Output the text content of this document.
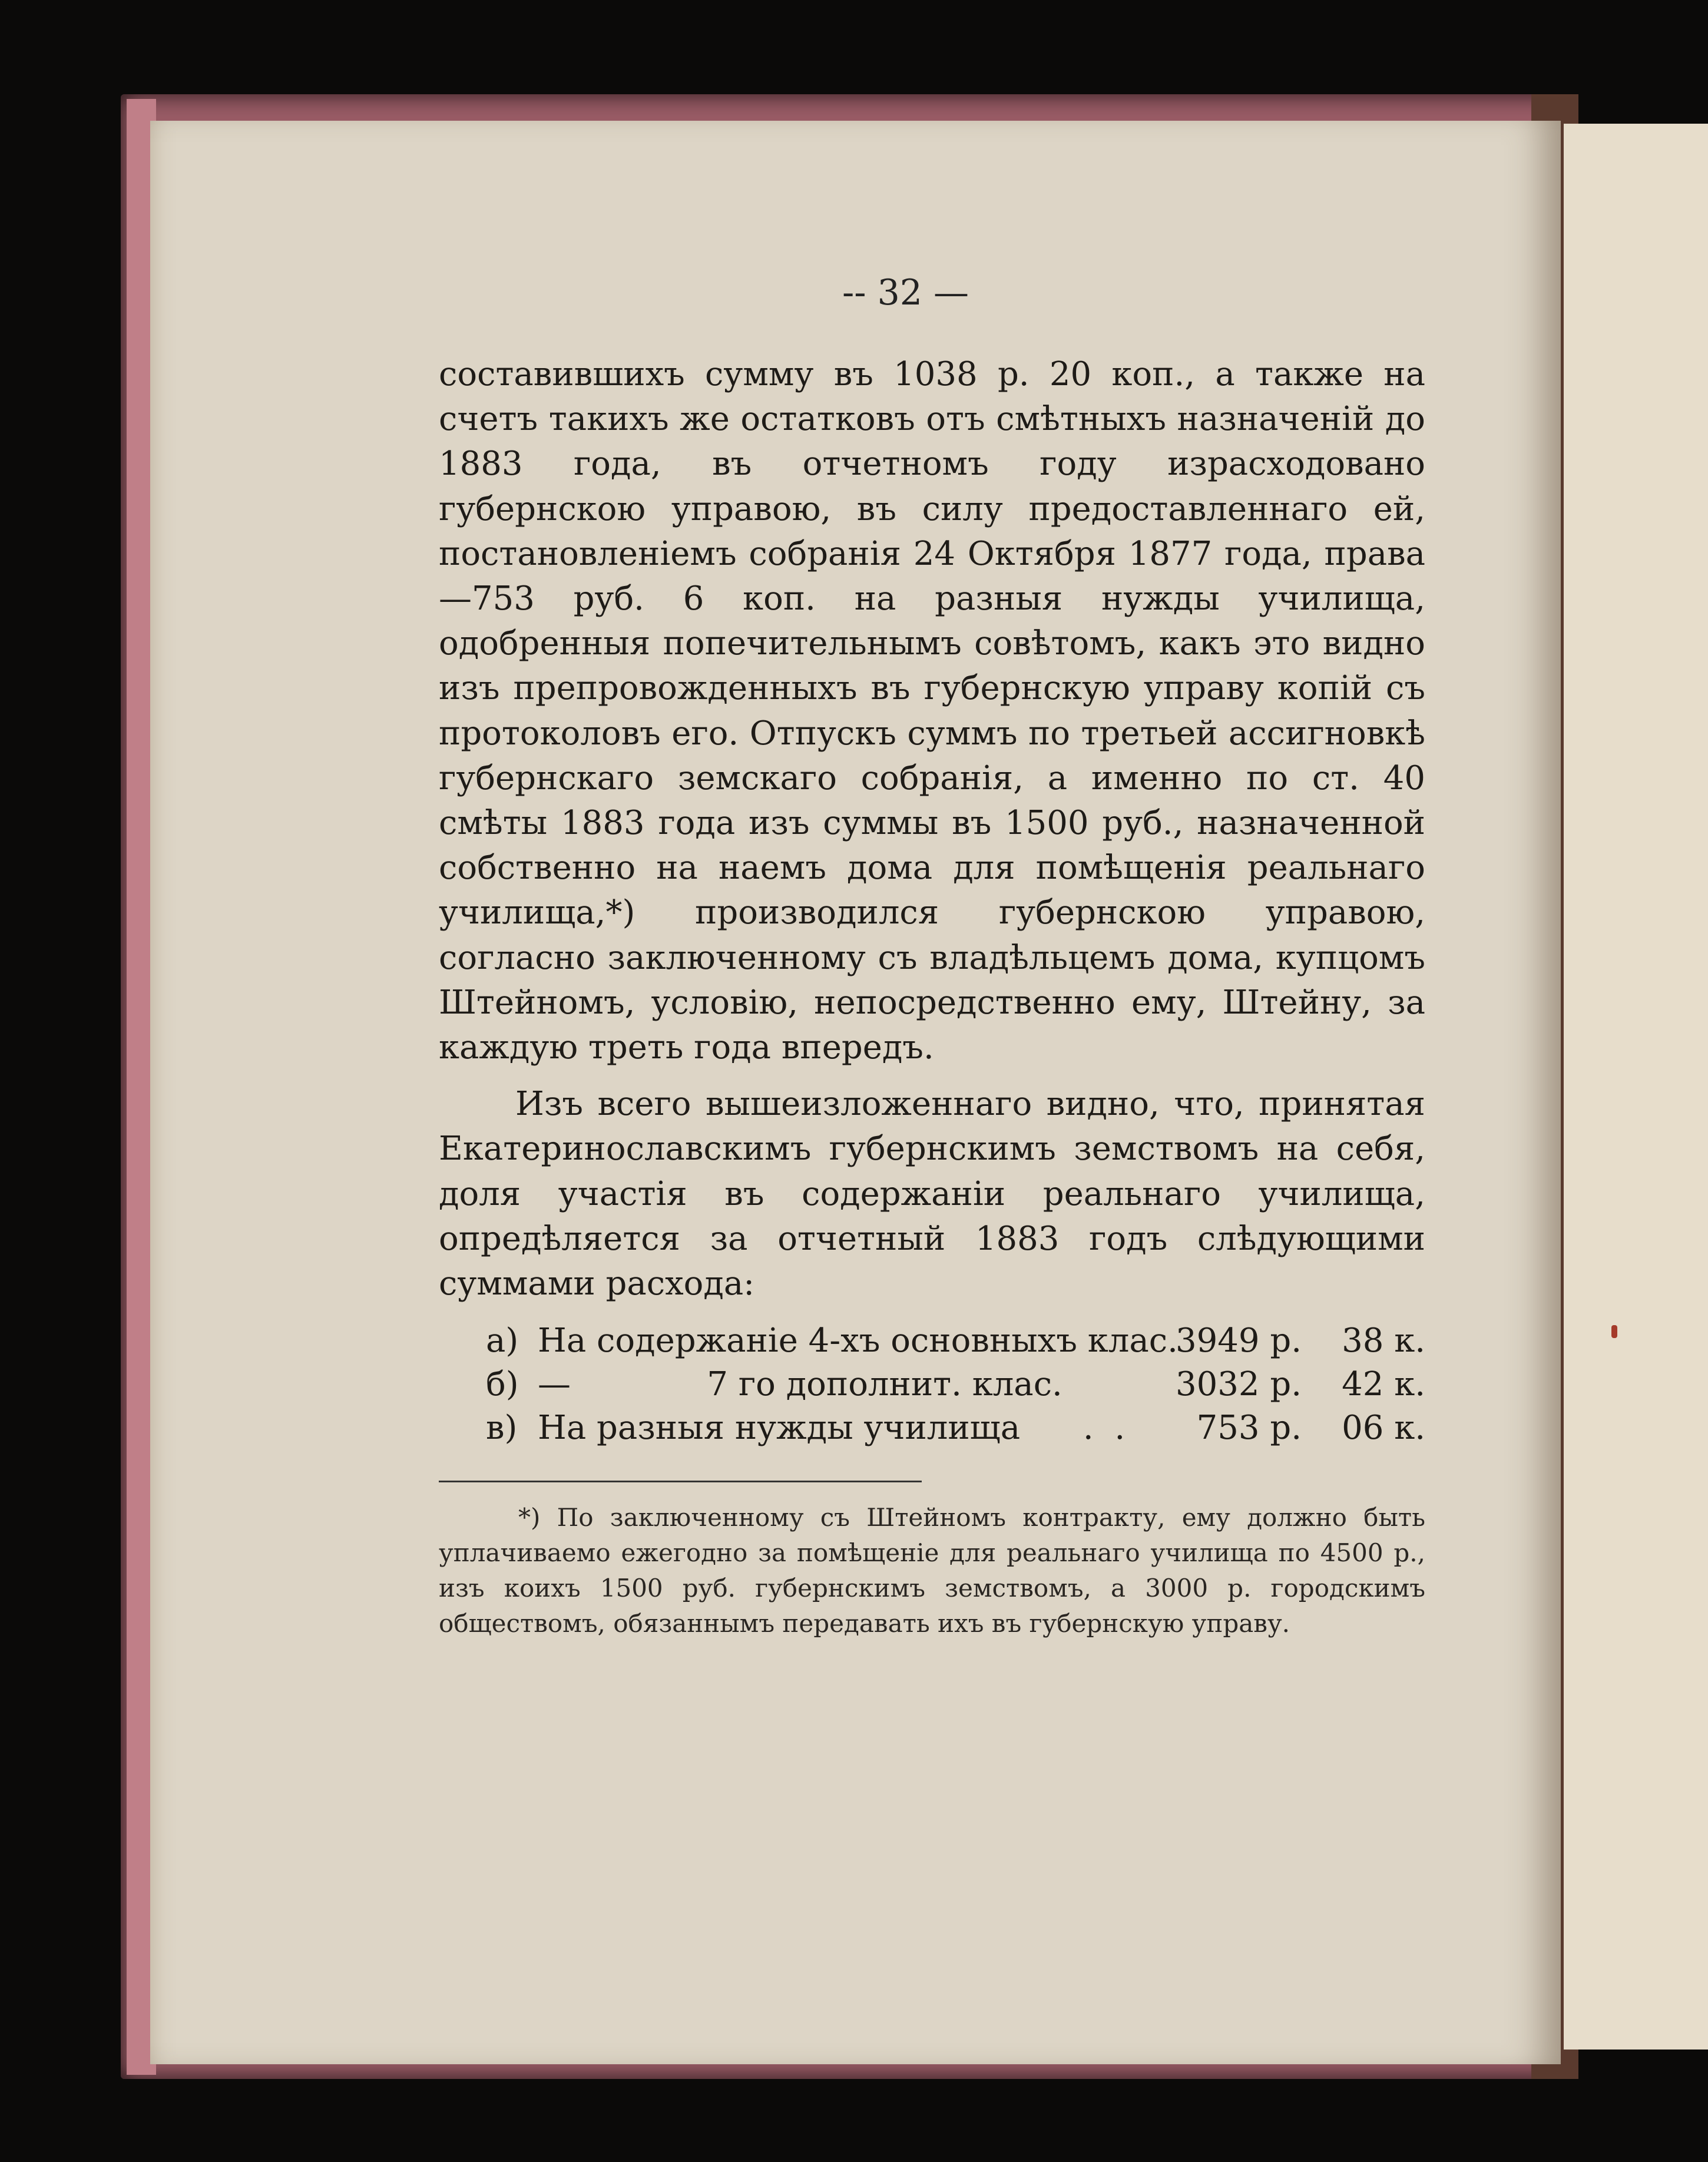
-- 32 —

составившихъ сумму въ 1038 р. 20 коп., а также на счетъ такихъ же остатковъ отъ смѣтныхъ назначеній до 1883 года, въ отчетномъ году израсходовано губернскою управою, въ силу предоставленнаго ей, постановленіемъ собранія 24 Октября 1877 года, права—753 руб. 6 коп. на разныя нужды училища, одобренныя попечительнымъ совѣтомъ, какъ это видно изъ препровожденныхъ въ губернскую управу копій съ протоколовъ его. Отпускъ суммъ по третьей ассигновкѣ губернскаго земскаго собранія, а именно по ст. 40 смѣты 1883 года изъ суммы въ 1500 руб., назначенной собственно на наемъ дома для помѣщенія реальнаго училища,*) производился губернскою управою, согласно заключенному съ владѣльцемъ дома, купцомъ Штейномъ, условію, непосредственно ему, Штейну, за каждую треть года впередъ.

Изъ всего вышеизложеннаго видно, что, принятая Екатеринославскимъ губернскимъ земствомъ на себя, доля участія въ содержаніи реальнаго училища, опредѣляется за отчетный 1883 годъ слѣдующими суммами расхода:

а) На содержаніе 4-хъ основныхъ клас.
3949 р. 38 к.
б) —             7 го дополнит. клас.	3032 р. 42 к.
в) На разныя нужды училища      .  . 753 р. 06 к.

*) По заключенному съ Штейномъ контракту, ему должно быть уплачиваемо ежегодно за помѣщеніе для реальнаго училища по 4500 р., изъ коихъ 1500 руб. губернскимъ земствомъ, а 3000 р. городскимъ обществомъ, обязаннымъ передавать ихъ въ губернскую управу.
